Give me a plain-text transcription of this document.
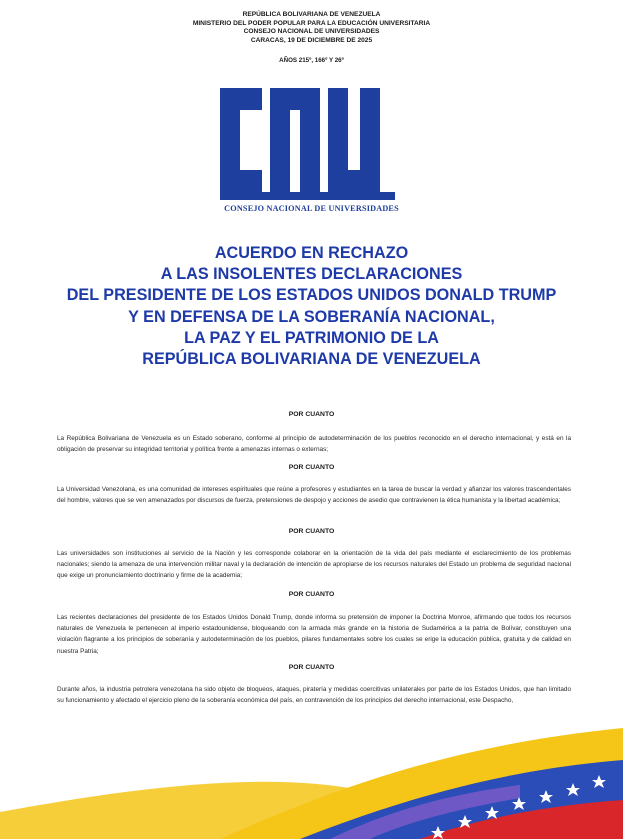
REPÚBLICA BOLIVARIANA DE VENEZUELA
MINISTERIO DEL PODER POPULAR PARA LA EDUCACIÓN UNIVERSITARIA
CONSEJO NACIONAL DE UNIVERSIDADES
CARACAS, 19 DE DICIEMBRE DE 2025
AÑOS 215º, 166º Y 26º
CONSEJO NACIONAL DE UNIVERSIDADES
ACUERDO EN RECHAZO
A LAS INSOLENTES DECLARACIONES
DEL PRESIDENTE DE LOS ESTADOS UNIDOS DONALD TRUMP
Y EN DEFENSA DE LA SOBERANÍA NACIONAL,
LA PAZ Y EL PATRIMONIO DE LA
REPÚBLICA BOLIVARIANA DE VENEZUELA
POR CUANTO
La República Bolivariana de Venezuela es un Estado soberano, conforme al principio de autodeterminación de los pueblos reconocido en el derecho internacional, y está en la obligación de preservar su integridad territorial y política frente a amenazas internas o externas;
POR CUANTO
La Universidad Venezolana, es una comunidad de intereses espirituales que reúne a profesores y estudiantes en la tarea de buscar la verdad y afianzar los valores trascendentales del hombre, valores que se ven amenazados por discursos de fuerza, pretensiones de despojo y acciones de asedio que contravienen la ética humanista y la libertad académica;
POR CUANTO
Las universidades son instituciones al servicio de la Nación y les corresponde colaborar en la orientación de la vida del país mediante el esclarecimiento de los problemas nacionales; siendo la amenaza de una intervención militar naval y la declaración de intención de apropiarse de los recursos naturales del Estado un problema de seguridad nacional que exige un pronunciamiento doctrinario y firme de la academia;
POR CUANTO
Las recientes declaraciones del presidente de los Estados Unidos Donald Trump, donde informa su pretensión de imponer la Doctrina Monroe, afirmando que todos los recursos naturales de Venezuela le pertenecen al imperio estadounidense, bloqueando con la armada más grande en la historia de Sudamérica a la patria de Bolívar, constituyen una violación flagrante a los principios de soberanía y autodeterminación de los pueblos, pilares fundamentales sobre los cuales se erige la educación pública, gratuita y de calidad en nuestra Patria;
POR CUANTO
Durante años, la industria petrolera venezolana ha sido objeto de bloqueos, ataques, piratería y medidas coercitivas unilaterales por parte de los Estados Unidos, que han limitado su funcionamiento y afectado el ejercicio pleno de la soberanía económica del país, en contravención de los principios del derecho internacional, este Despacho,
